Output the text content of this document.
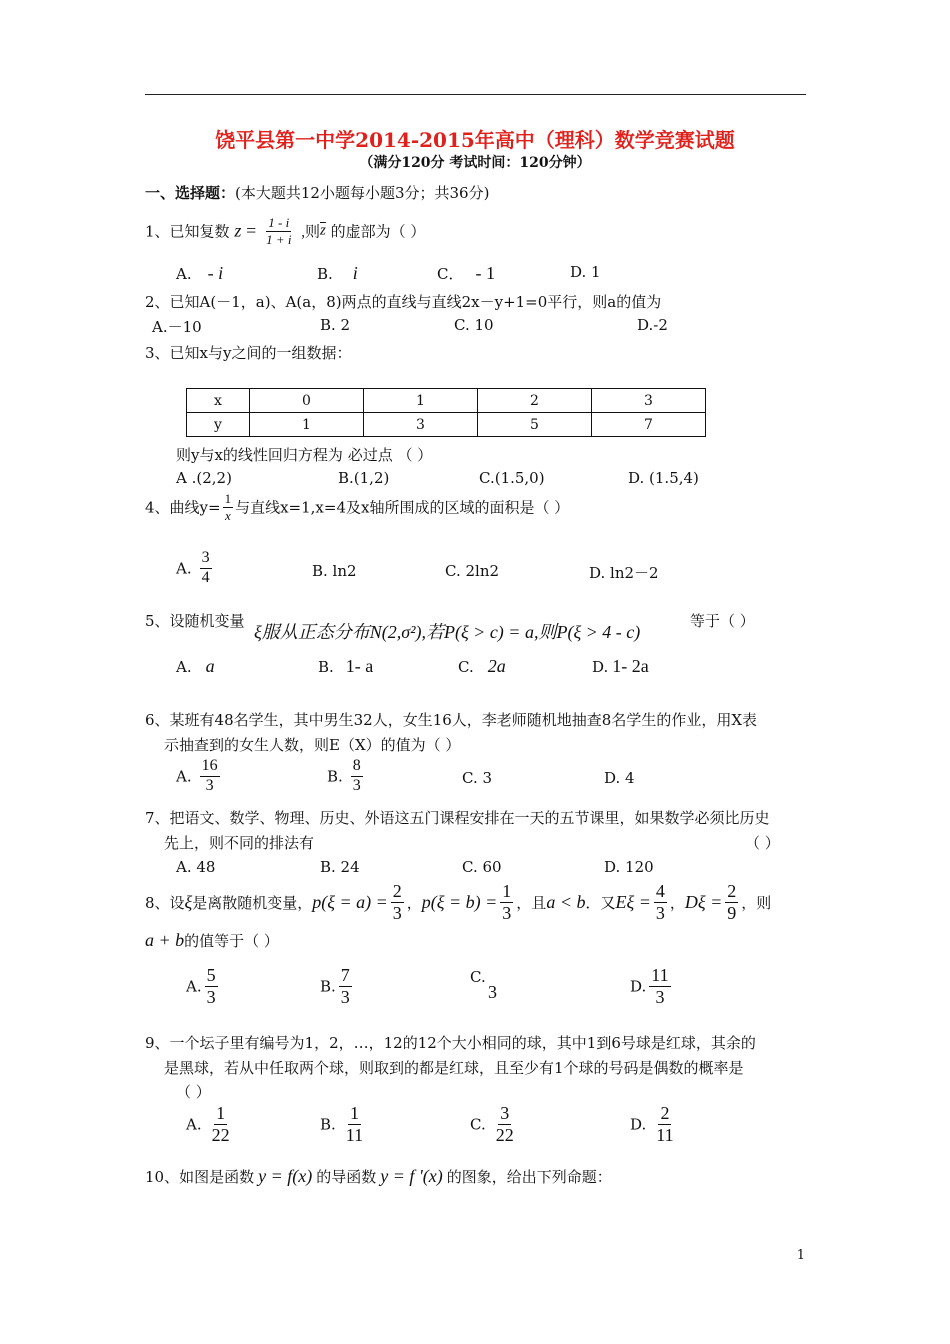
饶平县第一中学2014-2015年高中（理科）数学竞赛试题
（满分120分 考试时间：120分钟）
一、选择题：(本大题共12小题每小题3分；共36分)
1、已知复数 $z = \frac{1 - i}{1 + i}$ ,则$\overline{z}$ 的虚部为（ ）
A. - i	B. i	C． - 1	D. 1
2、已知A(－1，a)、A(a，8)两点的直线与直线2x－y+1=0平行，则a的值为
A.－10	B. 2	C. 10	D.-2
3、已知x与y之间的一组数据：
x	0	1	2	3
y	1	3	5	7
则y与x的线性回归方程为 必过点 （ ）
A .(2,2)	B.(1,2)	C.(1.5,0)	D. (1.5,4)
4、曲线$y= \frac{1}{x}$ 与直线x=1,x=4及x轴所围成的区域的面积是（ ）
A. $\frac{3}{4}$	B. ln2	C. 2ln2	D. ln2－2
5、设随机变量
ξ服从正态分布N(2,σ²),若P(ξ > c) = a,则P(ξ > 4 - c)
等于（ ）
A. a	B. 1- a	C. 2a	D. 1- 2a
6、某班有48名学生，其中男生32人，女生16人，李老师随机地抽查8名学生的作业，用X表
示抽查到的女生人数，则E（X）的值为（ ）
A. $\frac{16}{3}$	B. $\frac{8}{3}$	C. 3	D. 4
7、把语文、数学、物理、历史、外语这五门课程安排在一天的五节课里，如果数学必须比历史
先上，则不同的排法有	（ ）
A. 48	B. 24	C. 60	D. 120
8、设ξ是离散随机变量，$p(\xi = a) = \frac{2}{3}$ ，$p(\xi = b) = \frac{1}{3}$ ，且a < b．又$E\xi = \frac{4}{3}$ ，$D\xi = \frac{2}{9}$ ，则
a + b的值等于（ ）
A. $\frac{5}{3}$	B. $\frac{7}{3}$	C.
3	D. $\frac{11}{3}$
9、一个坛子里有编号为1，2，…，12的12个大小相同的球，其中1到6号球是红球，其余的
是黑球，若从中任取两个球，则取到的都是红球，且至少有1个球的号码是偶数的概率是
（ ）
A. $\frac{1}{22}$	B. $\frac{1}{11}$	C. $\frac{3}{22}$	D. $\frac{2}{11}$
10、如图是函数 y = f(x) 的导函数 y = f '(x) 的图象，给出下列命题：
1
